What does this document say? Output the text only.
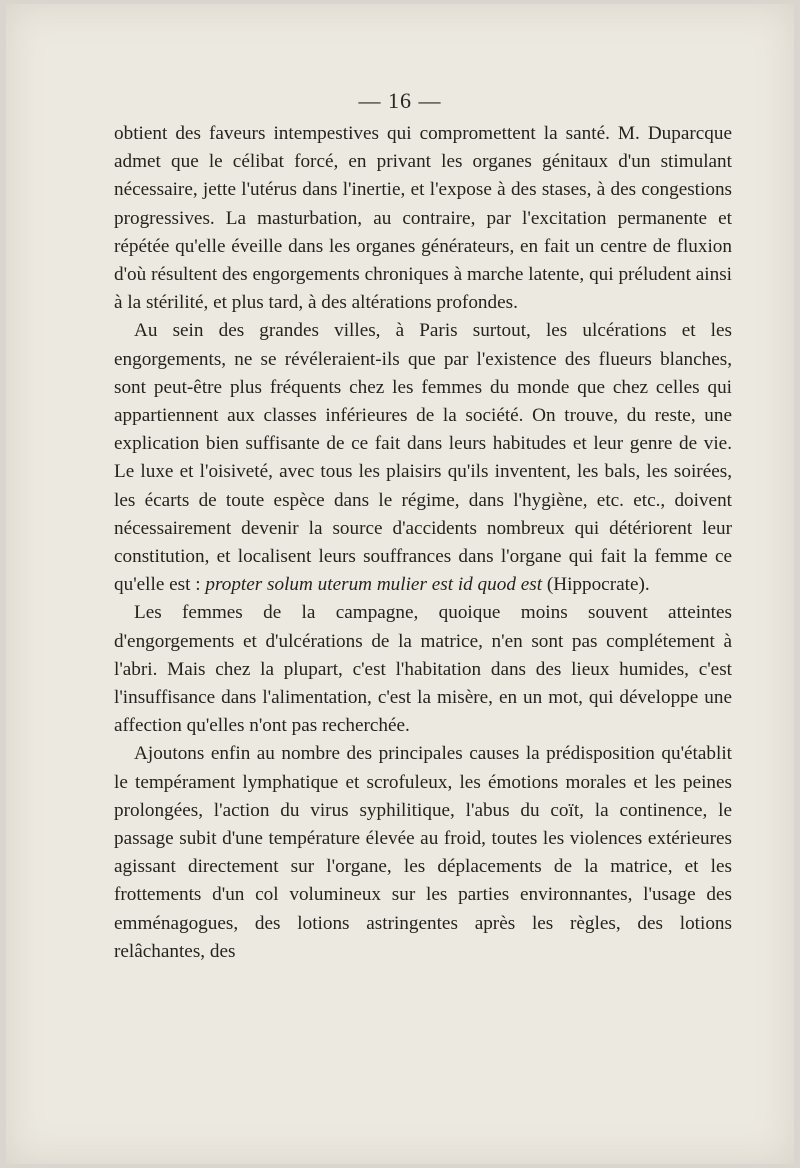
— 16 —

obtient des faveurs intempestives qui compromettent la santé. M. Duparcque admet que le célibat forcé, en privant les organes génitaux d'un stimulant nécessaire, jette l'utérus dans l'inertie, et l'expose à des stases, à des congestions progressives. La masturbation, au contraire, par l'excitation permanente et répétée qu'elle éveille dans les organes générateurs, en fait un centre de fluxion d'où résultent des engorgements chroniques à marche latente, qui préludent ainsi à la stérilité, et plus tard, à des altérations profondes.

Au sein des grandes villes, à Paris surtout, les ulcérations et les engorgements, ne se révéleraient-ils que par l'existence des flueurs blanches, sont peut-être plus fréquents chez les femmes du monde que chez celles qui appartiennent aux classes inférieures de la société. On trouve, du reste, une explication bien suffisante de ce fait dans leurs habitudes et leur genre de vie. Le luxe et l'oisiveté, avec tous les plaisirs qu'ils inventent, les bals, les soirées, les écarts de toute espèce dans le régime, dans l'hygiène, etc. etc., doivent nécessairement devenir la source d'accidents nombreux qui détériorent leur constitution, et localisent leurs souffrances dans l'organe qui fait la femme ce qu'elle est : propter solum uterum mulier est id quod est (Hippocrate).

Les femmes de la campagne, quoique moins souvent atteintes d'engorgements et d'ulcérations de la matrice, n'en sont pas complétement à l'abri. Mais chez la plupart, c'est l'habitation dans des lieux humides, c'est l'insuffisance dans l'alimentation, c'est la misère, en un mot, qui développe une affection qu'elles n'ont pas recherchée.

Ajoutons enfin au nombre des principales causes la prédisposition qu'établit le tempérament lymphatique et scrofuleux, les émotions morales et les peines prolongées, l'action du virus syphilitique, l'abus du coït, la continence, le passage subit d'une température élevée au froid, toutes les violences extérieures agissant directement sur l'organe, les déplacements de la matrice, et les frottements d'un col volumineux sur les parties environnantes, l'usage des emménagogues, des lotions astringentes après les règles, des lotions relâchantes, des
